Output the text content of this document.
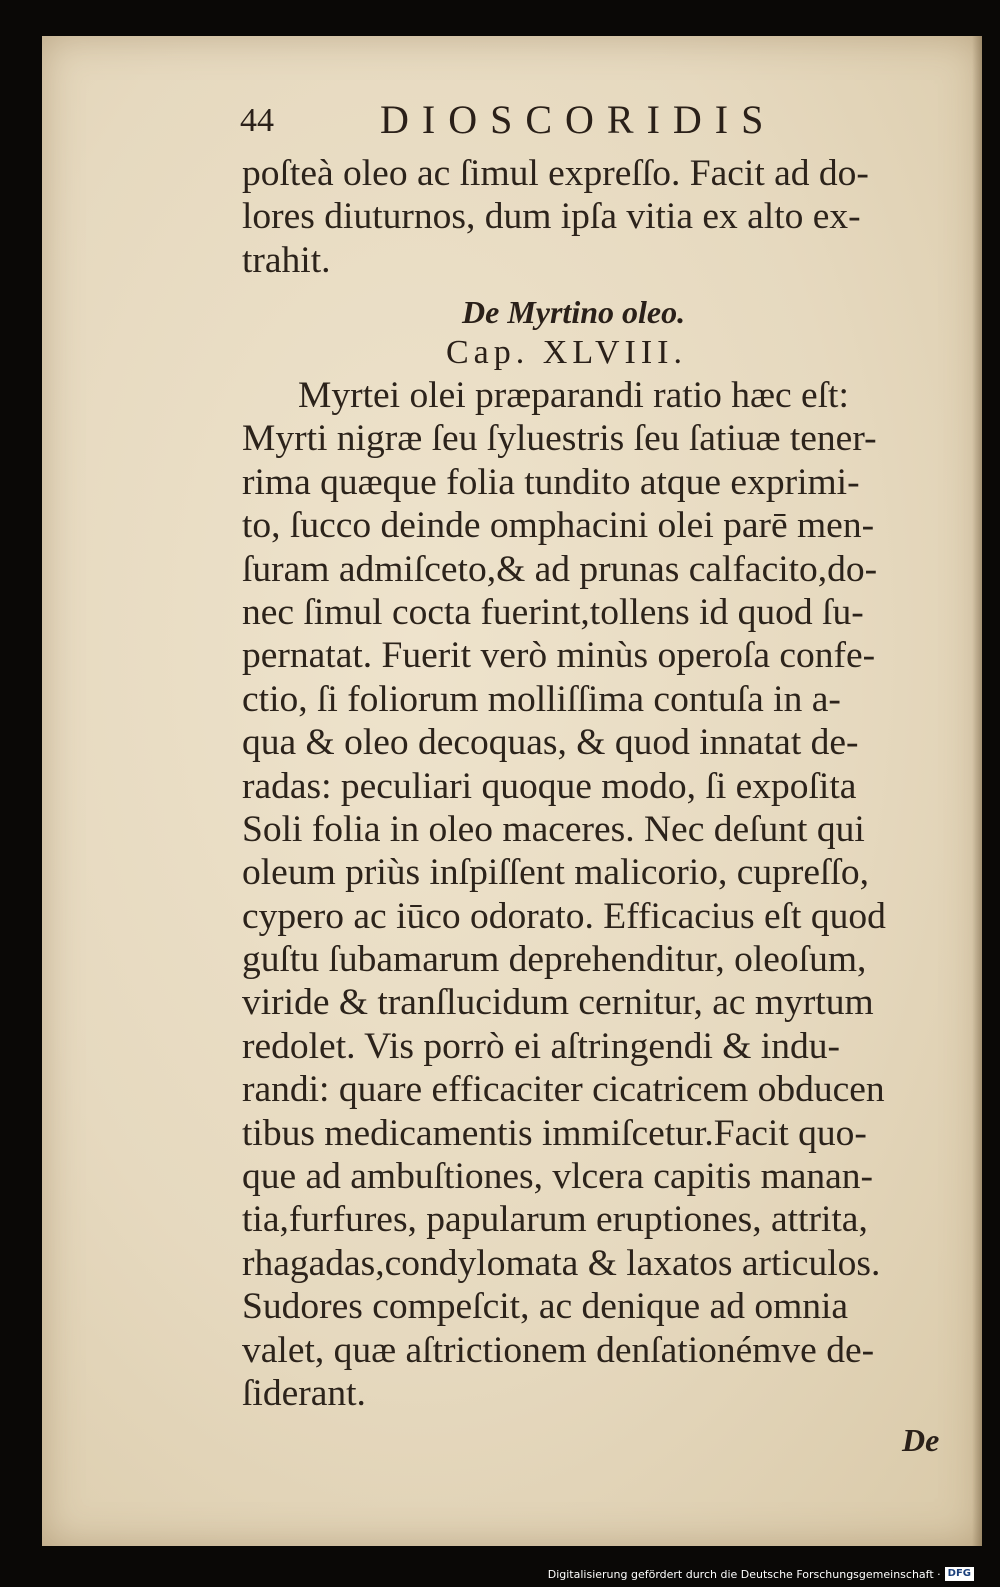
44	DIOSCORIDIS
poſteà oleo ac ſimul expreſſo. Facit ad do-
lores diuturnos, dum ipſa vitia ex alto ex-
trahit.
De Myrtino oleo.
Cap. XLVIII.
Myrtei olei præparandi ratio hæc eſt:
Myrti nigræ ſeu ſyluestris ſeu ſatiuæ tener-
rima quæque folia tundito atque exprimi-
to, ſucco deinde omphacini olei parē men-
ſuram admiſceto,& ad prunas calfacito,do-
nec ſimul cocta fuerint,tollens id quod ſu-
pernatat. Fuerit verò minùs operoſa confe-
ctio, ſi foliorum molliſſima contuſa in a-
qua & oleo decoquas, & quod innatat de-
radas: peculiari quoque modo, ſi expoſita
Soli folia in oleo maceres. Nec deſunt qui
oleum priùs inſpiſſent malicorio, cupreſſo,
cypero ac iūco odorato. Efficacius eſt quod
guſtu ſubamarum deprehenditur, oleoſum,
viride & tranſlucidum cernitur, ac myrtum
redolet. Vis porrò ei aſtringendi & indu-
randi: quare efficaciter cicatricem obducen
tibus medicamentis immiſcetur.Facit quo-
que ad ambuſtiones, vlcera capitis manan-
tia,furfures, papularum eruptiones, attrita,
rhagadas,condylomata & laxatos articulos.
Sudores compeſcit, ac denique ad omnia
valet, quæ aſtrictionem denſationémve de-
ſiderant.
De
Digitalisierung gefördert durch die Deutsche Forschungsgemeinschaft · DFG
